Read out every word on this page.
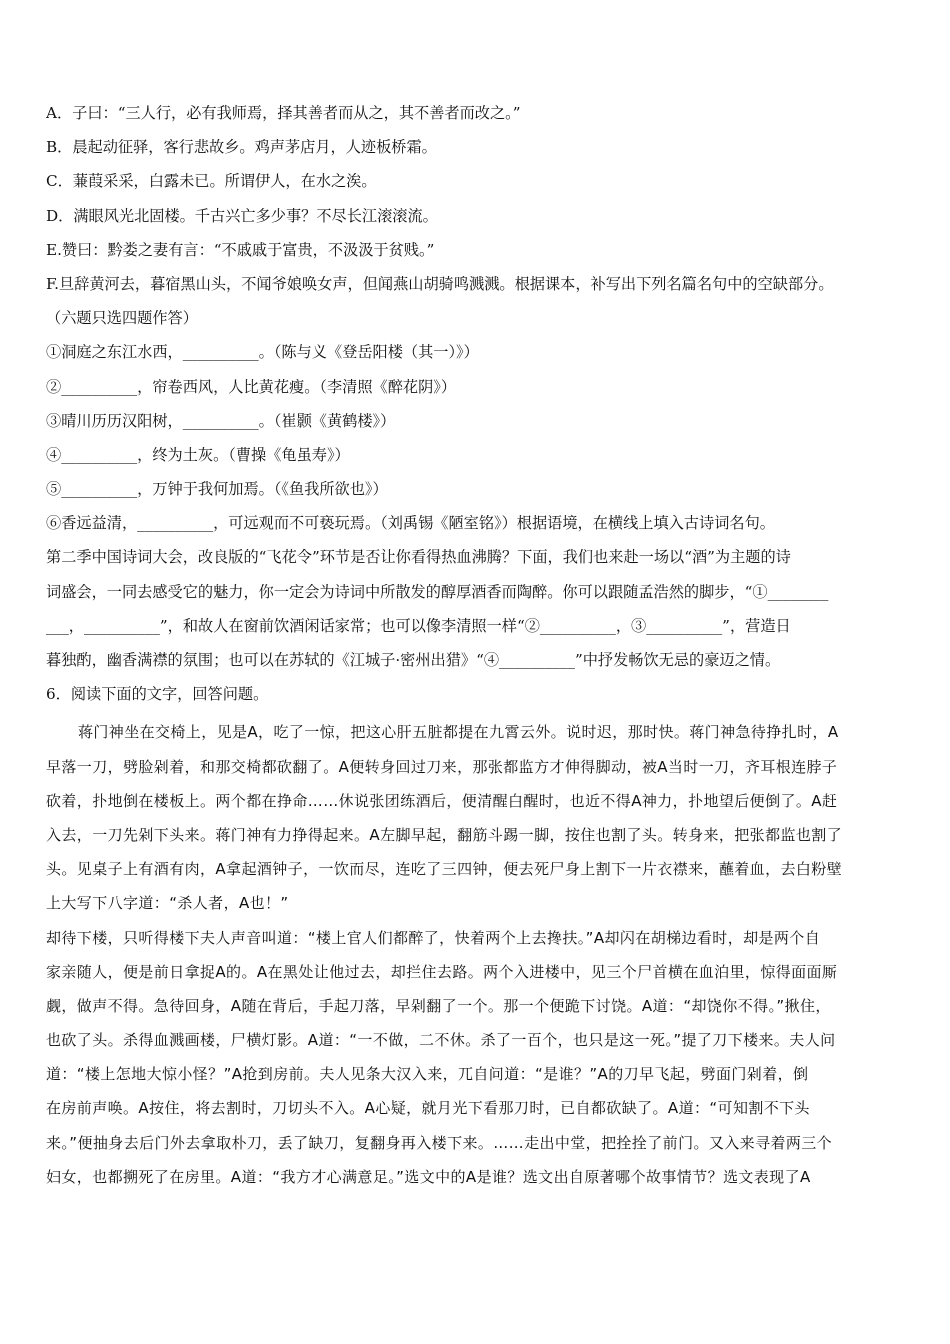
A．子曰：“三人行，必有我师焉，择其善者而从之，其不善者而改之。”
B．晨起动征驿，客行悲故乡。鸡声茅店月，人迹板桥霜。
C．蒹葭采采，白露未已。所谓伊人，在水之涘。
D．满眼风光北固楼。千古兴亡多少事？不尽长江滚滚流。
E.赞曰：黔娄之妻有言：“不戚戚于富贵，不汲汲于贫贱。”
F.旦辞黄河去，暮宿黑山头，不闻爷娘唤女声，但闻燕山胡骑鸣溅溅。根据课本，补写出下列名篇名句中的空缺部分。
（六题只选四题作答）
①洞庭之东江水西，__________。（陈与义《登岳阳楼（其一）》）
②__________，帘卷西风，人比黄花瘦。（李清照《醉花阴》）
③晴川历历汉阳树，__________。（崔颢《黄鹤楼》）
④__________，终为土灰。（曹操《龟虽寿》）
⑤__________，万钟于我何加焉。（《鱼我所欲也》）
⑥香远益清，__________，可远观而不可亵玩焉。（刘禹锡《陋室铭》）根据语境，在横线上填入古诗词名句。
第二季中国诗词大会，改良版的“飞花令”环节是否让你看得热血沸腾？下面，我们也来赴一场以“酒”为主题的诗
词盛会，一同去感受它的魅力，你一定会为诗词中所散发的醇厚酒香而陶醉。你可以跟随孟浩然的脚步，“①________
___，__________”，和故人在窗前饮酒闲话家常；也可以像李清照一样“②__________，③__________”，营造日
暮独酌，幽香满襟的氛围；也可以在苏轼的《江城子·密州出猎》“④__________”中抒发畅饮无忌的豪迈之情。
6．阅读下面的文字，回答问题。
蒋门神坐在交椅上，见是A，吃了一惊，把这心肝五脏都提在九霄云外。说时迟，那时快。蒋门神急待挣扎时，A
早落一刀，劈脸剁着，和那交椅都砍翻了。A便转身回过刀来，那张都监方才伸得脚动，被A当时一刀，齐耳根连脖子
砍着，扑地倒在楼板上。两个都在挣命……休说张团练酒后，便清醒白醒时，也近不得A神力，扑地望后便倒了。A赶
入去，一刀先剁下头来。蒋门神有力挣得起来。A左脚早起，翻筋斗踢一脚，按住也割了头。转身来，把张都监也割了
头。见桌子上有酒有肉，A拿起酒钟子，一饮而尽，连吃了三四钟，便去死尸身上割下一片衣襟来，蘸着血，去白粉壁
上大写下八字道：“杀人者，A也！”
却待下楼，只听得楼下夫人声音叫道：“楼上官人们都醉了，快着两个上去搀扶。”A却闪在胡梯边看时，却是两个自
家亲随人，便是前日拿捉A的。A在黑处让他过去，却拦住去路。两个入进楼中，见三个尸首横在血泊里，惊得面面厮
觑，做声不得。急待回身，A随在背后，手起刀落，早剁翻了一个。那一个便跪下讨饶。A道：“却饶你不得。”揪住，
也砍了头。杀得血溅画楼，尸横灯影。A道：“一不做，二不休。杀了一百个，也只是这一死。”提了刀下楼来。夫人问
道：“楼上怎地大惊小怪？”A抢到房前。夫人见条大汉入来，兀自问道：“是谁？”A的刀早飞起，劈面门剁着，倒
在房前声唤。A按住，将去割时，刀切头不入。A心疑，就月光下看那刀时，已自都砍缺了。A道：“可知割不下头
来。”便抽身去后门外去拿取朴刀，丢了缺刀，复翻身再入楼下来。……走出中堂，把拴拴了前门。又入来寻着两三个
妇女，也都搠死了在房里。A道：“我方才心满意足。”选文中的A是谁？选文出自原著哪个故事情节？选文表现了A
